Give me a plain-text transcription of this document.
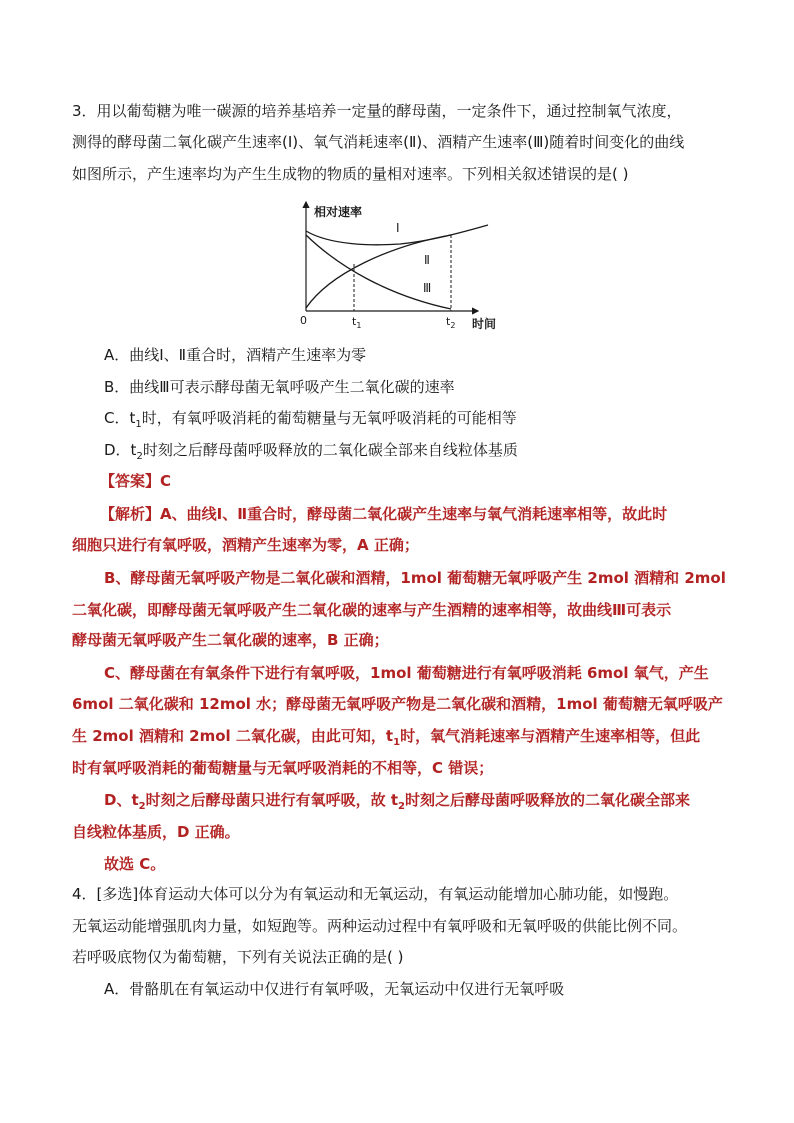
3．用以葡萄糖为唯一碳源的培养基培养一定量的酵母菌，一定条件下，通过控制氧气浓度，
测得的酵母菌二氧化碳产生速率(Ⅰ)、氧气消耗速率(Ⅱ)、酒精产生速率(Ⅲ)随着时间变化的曲线
如图所示，产生速率均为产生生成物的物质的量相对速率。下列相关叙述错误的是( )
相对速率
时间
0	$t_1$	$t_2$
Ⅰ
Ⅱ
Ⅲ
A．曲线Ⅰ、Ⅱ重合时，酒精产生速率为零
B．曲线Ⅲ可表示酵母菌无氧呼吸产生二氧化碳的速率
C．$t_1$时，有氧呼吸消耗的葡萄糖量与无氧呼吸消耗的可能相等
D．$t_2$时刻之后酵母菌呼吸释放的二氧化碳全部来自线粒体基质
【答案】C
【解析】A、曲线Ⅰ、Ⅱ重合时，酵母菌二氧化碳产生速率与氧气消耗速率相等，故此时
细胞只进行有氧呼吸，酒精产生速率为零，A 正确；
B、酵母菌无氧呼吸产物是二氧化碳和酒精，1mol 葡萄糖无氧呼吸产生 2mol 酒精和 2mol
二氧化碳，即酵母菌无氧呼吸产生二氧化碳的速率与产生酒精的速率相等，故曲线Ⅲ可表示
酵母菌无氧呼吸产生二氧化碳的速率，B 正确；
C、酵母菌在有氧条件下进行有氧呼吸，1mol 葡萄糖进行有氧呼吸消耗 6mol 氧气，产生
6mol 二氧化碳和 12mol 水；酵母菌无氧呼吸产物是二氧化碳和酒精，1mol 葡萄糖无氧呼吸产
生 2mol 酒精和 2mol 二氧化碳，由此可知，$t_1$时，氧气消耗速率与酒精产生速率相等，但此
时有氧呼吸消耗的葡萄糖量与无氧呼吸消耗的不相等，C 错误；
D、$t_2$时刻之后酵母菌只进行有氧呼吸，故 $t_2$时刻之后酵母菌呼吸释放的二氧化碳全部来
自线粒体基质，D 正确。
故选 C。
4．[多选]体育运动大体可以分为有氧运动和无氧运动，有氧运动能增加心肺功能，如慢跑。
无氧运动能增强肌肉力量，如短跑等。两种运动过程中有氧呼吸和无氧呼吸的供能比例不同。
若呼吸底物仅为葡萄糖，下列有关说法正确的是( )
A．骨骼肌在有氧运动中仅进行有氧呼吸，无氧运动中仅进行无氧呼吸
